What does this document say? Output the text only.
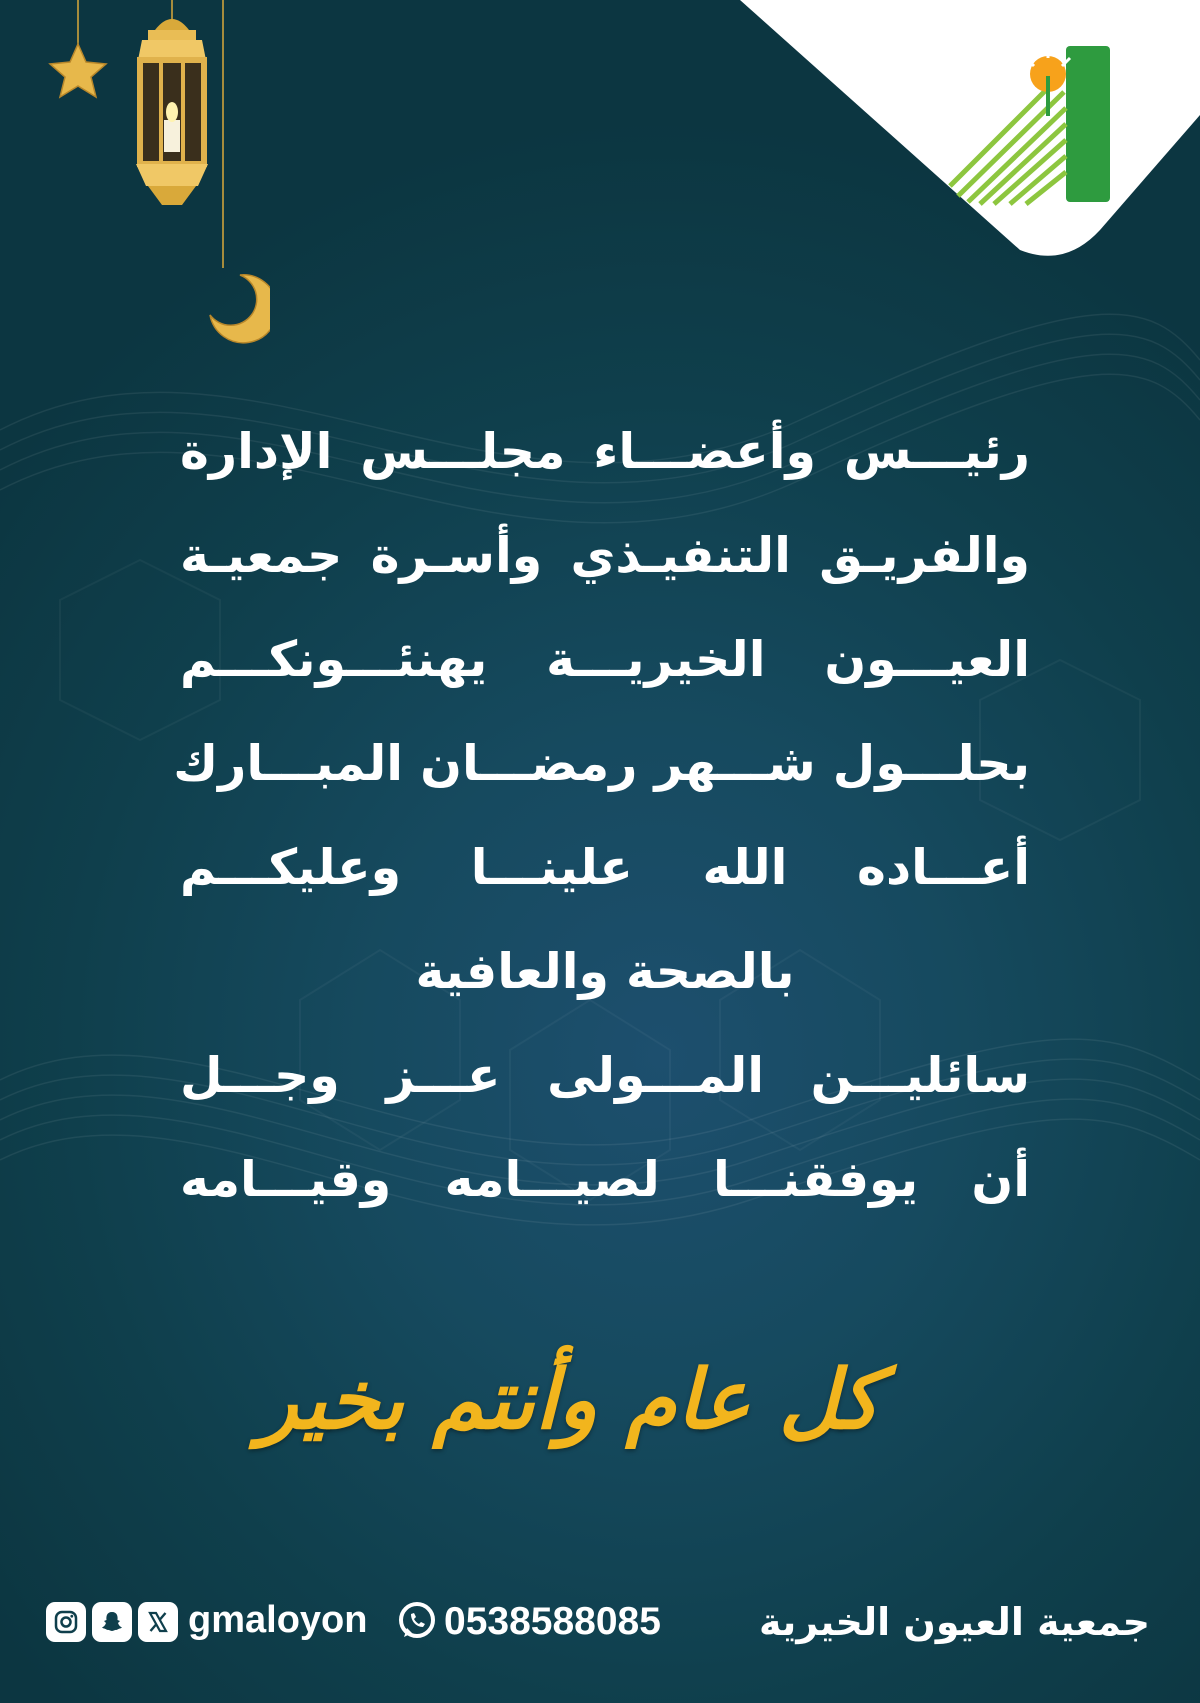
رئيـــس وأعضـــاء مجلـــس الإدارة
والفريـق التنفيـذي وأسـرة جمعيـة
العيـــون الخيريـــة يهنئـــونكـــم
بحلـــول شـــهر رمضـــان المبـــارك
أعـــاده الله علينـــا وعليكـــم
بالصحة والعافية
سائليـــن المـــولى عـــز وجـــل
أن يوفقنـــا لصيـــامه وقيـــامه
كل عام وأنتم بخير
gmaloyon 0538588085	جمعية العيون الخيرية
